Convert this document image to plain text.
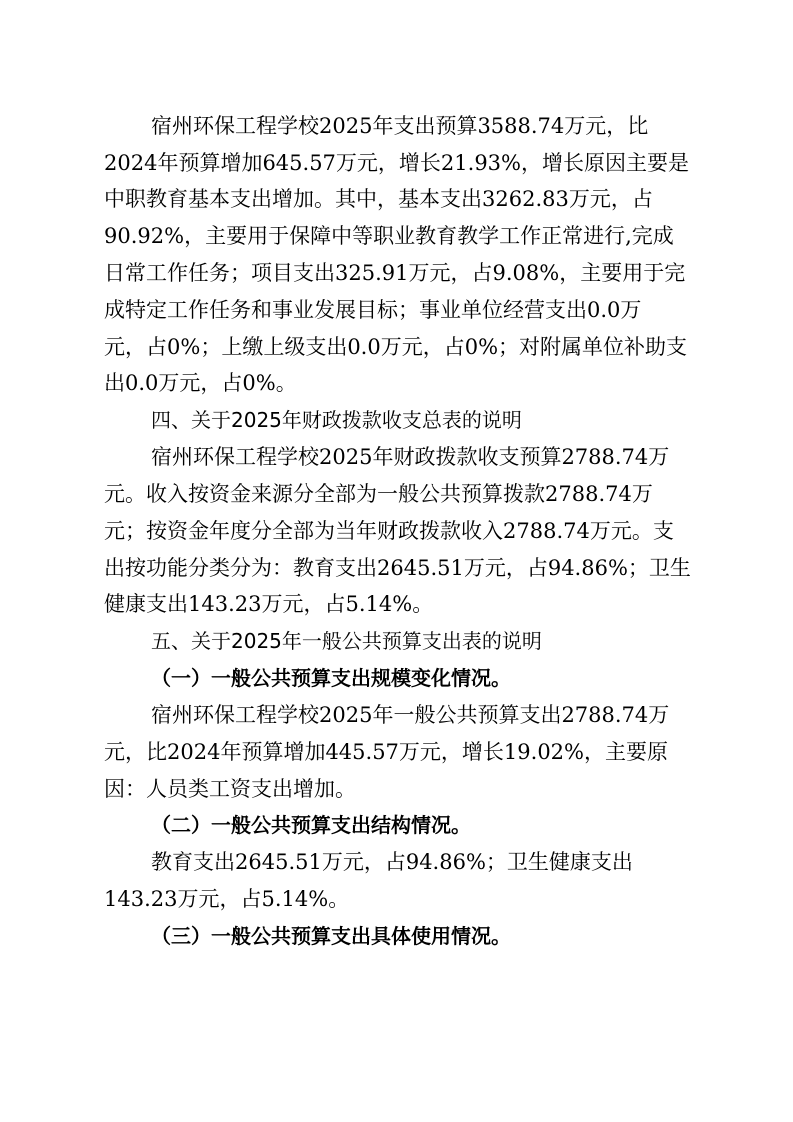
宿州环保工程学校2025年支出预算3588.74万元，比
2024年预算增加645.57万元，增长21.93%，增长原因主要是
中职教育基本支出增加。其中，基本支出3262.83万元，占
90.92%，主要用于保障中等职业教育教学工作正常进行,完成
日常工作任务；项目支出325.91万元，占9.08%，主要用于完
成特定工作任务和事业发展目标；事业单位经营支出0.0万
元，占0%；上缴上级支出0.0万元，占0%；对附属单位补助支
出0.0万元，占0%。
四、关于2025年财政拨款收支总表的说明
宿州环保工程学校2025年财政拨款收支预算2788.74万
元。收入按资金来源分全部为一般公共预算拨款2788.74万
元；按资金年度分全部为当年财政拨款收入2788.74万元。支
出按功能分类分为：教育支出2645.51万元，占94.86%；卫生
健康支出143.23万元，占5.14%。
五、关于2025年一般公共预算支出表的说明
（一）一般公共预算支出规模变化情况。
宿州环保工程学校2025年一般公共预算支出2788.74万
元，比2024年预算增加445.57万元，增长19.02%，主要原
因：人员类工资支出增加。
（二）一般公共预算支出结构情况。
教育支出2645.51万元，占94.86%；卫生健康支出
143.23万元，占5.14%。
（三）一般公共预算支出具体使用情况。
